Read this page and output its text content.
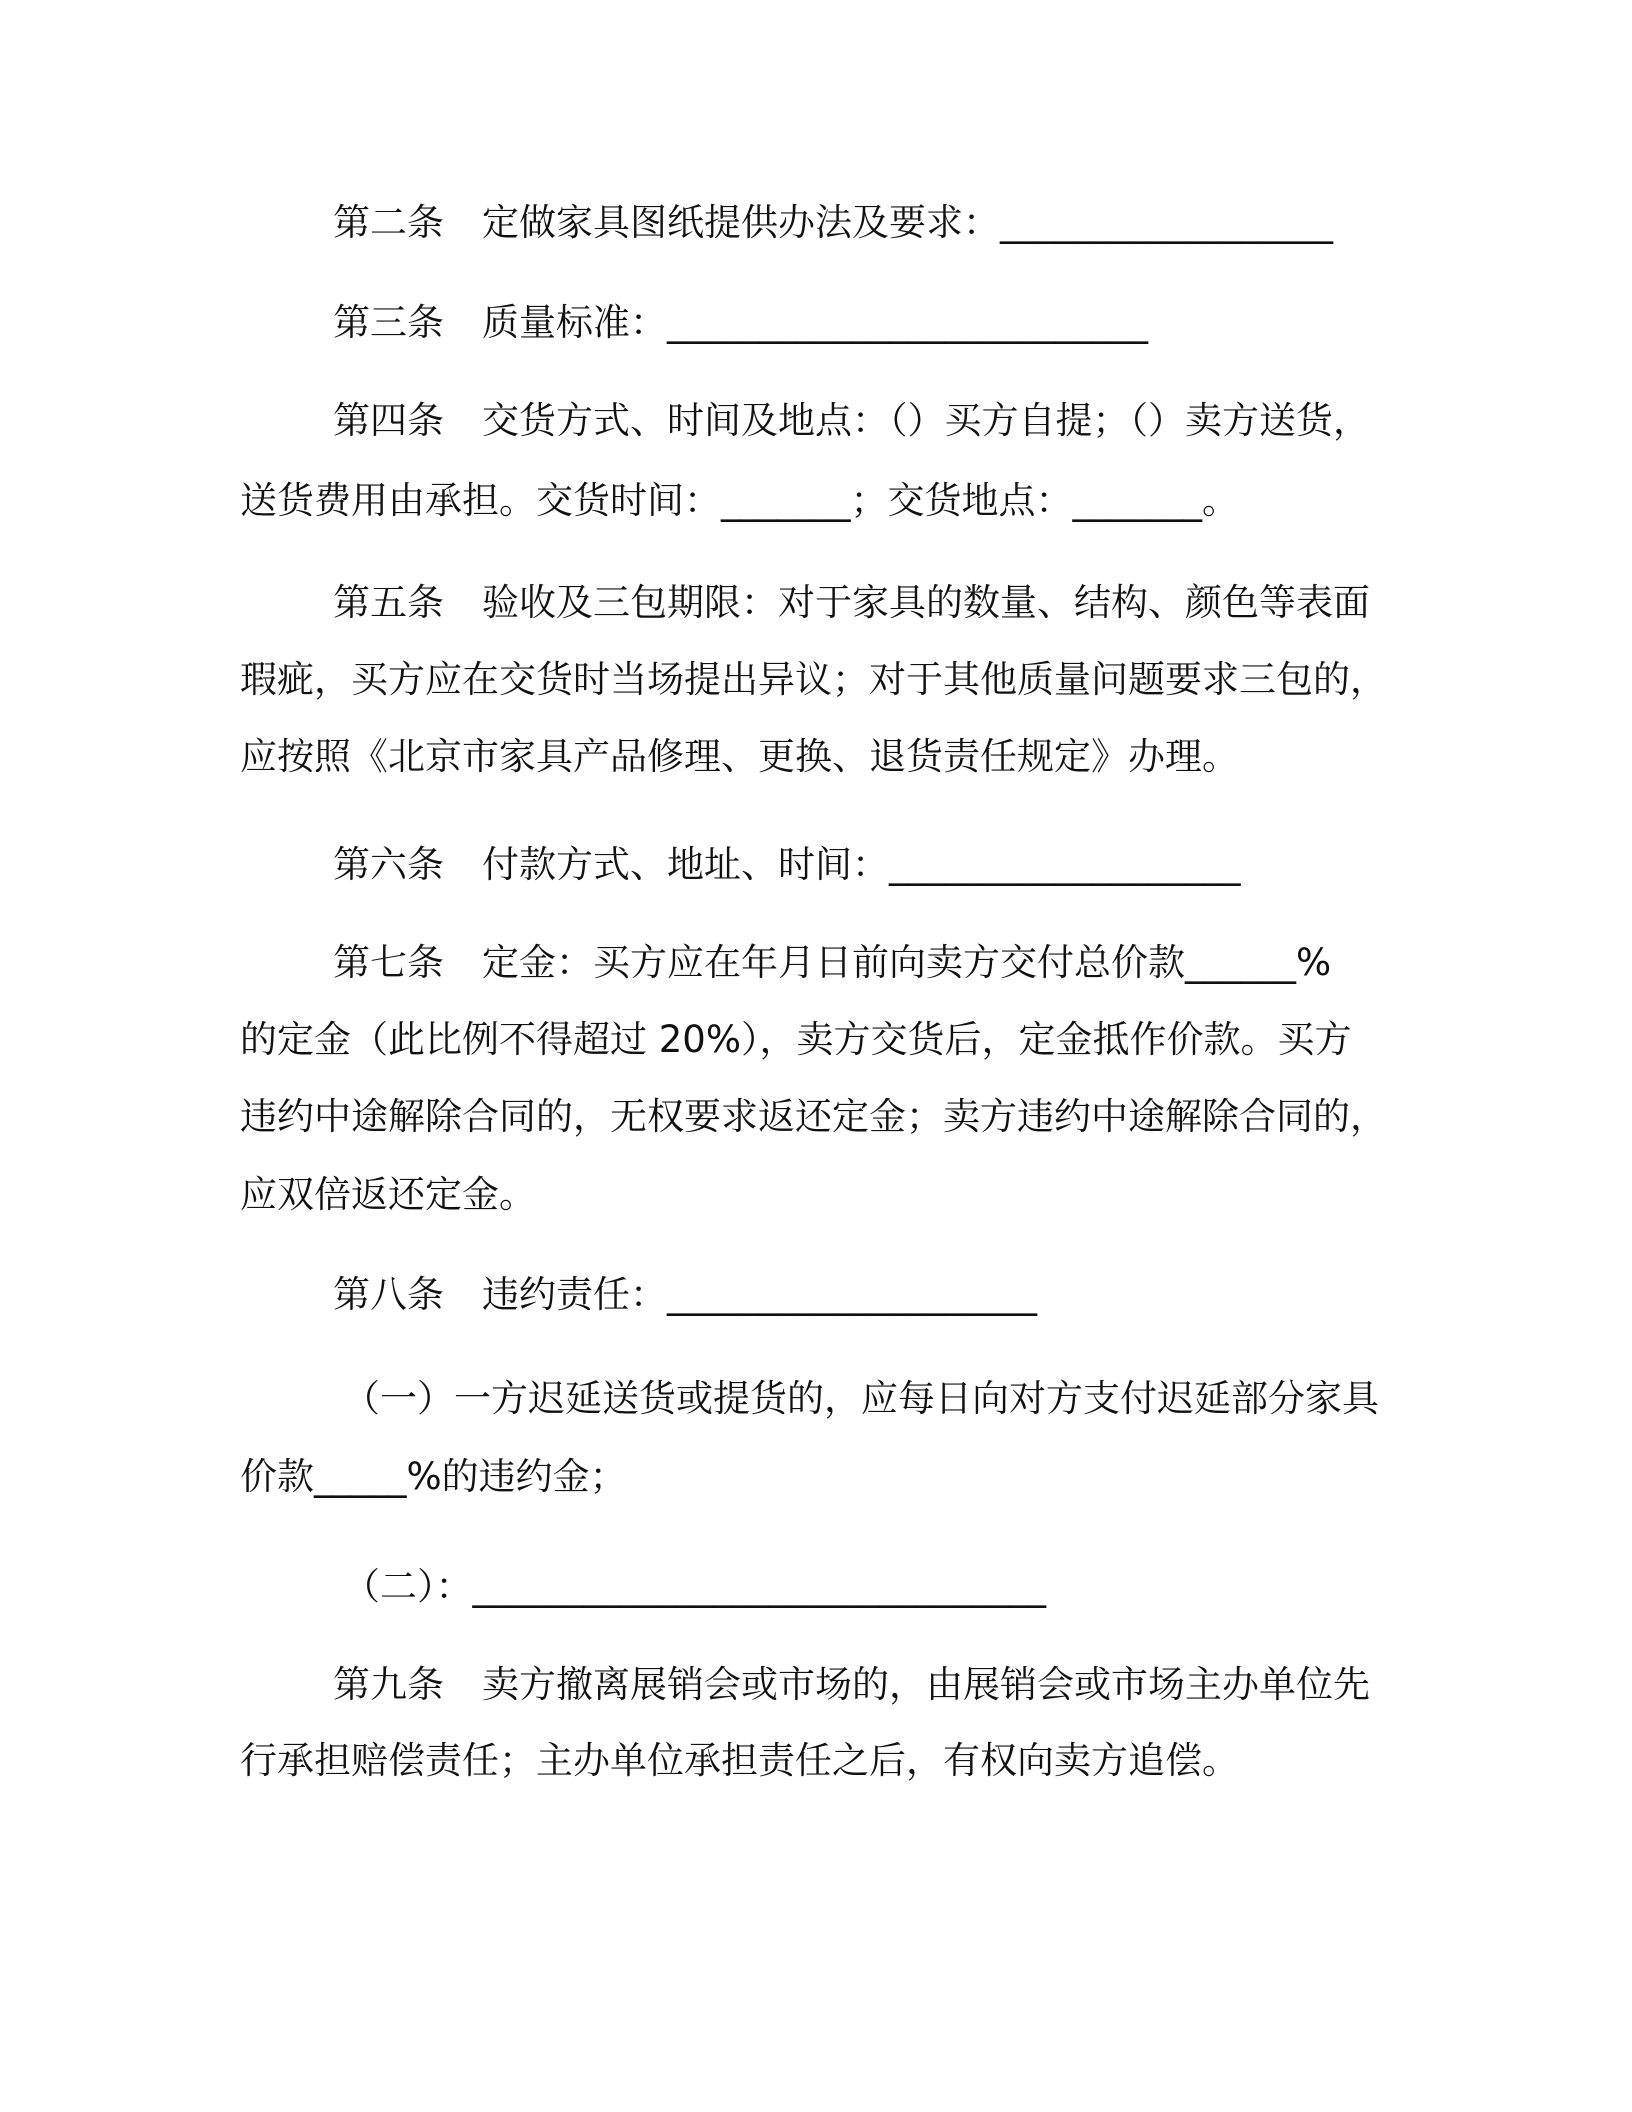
第二条 定做家具图纸提供办法及要求：__________________
第三条 质量标准：__________________________
第四条 交货方式、时间及地点：（）买方自提；（）卖方送货，
送货费用由承担。交货时间：_______；交货地点：_______。
第五条 验收及三包期限：对于家具的数量、结构、颜色等表面
瑕疵，买方应在交货时当场提出异议；对于其他质量问题要求三包的，
应按照《北京市家具产品修理、更换、退货责任规定》办理。
第六条 付款方式、地址、时间：___________________
第七条 定金：买方应在年月日前向卖方交付总价款______%
的定金（此比例不得超过 20%），卖方交货后，定金抵作价款。买方
违约中途解除合同的，无权要求返还定金；卖方违约中途解除合同的，
应双倍返还定金。
第八条 违约责任：____________________
（一）一方迟延送货或提货的，应每日向对方支付迟延部分家具
价款_____%的违约金；
（二）：_______________________________
第九条 卖方撤离展销会或市场的，由展销会或市场主办单位先
行承担赔偿责任；主办单位承担责任之后，有权向卖方追偿。
